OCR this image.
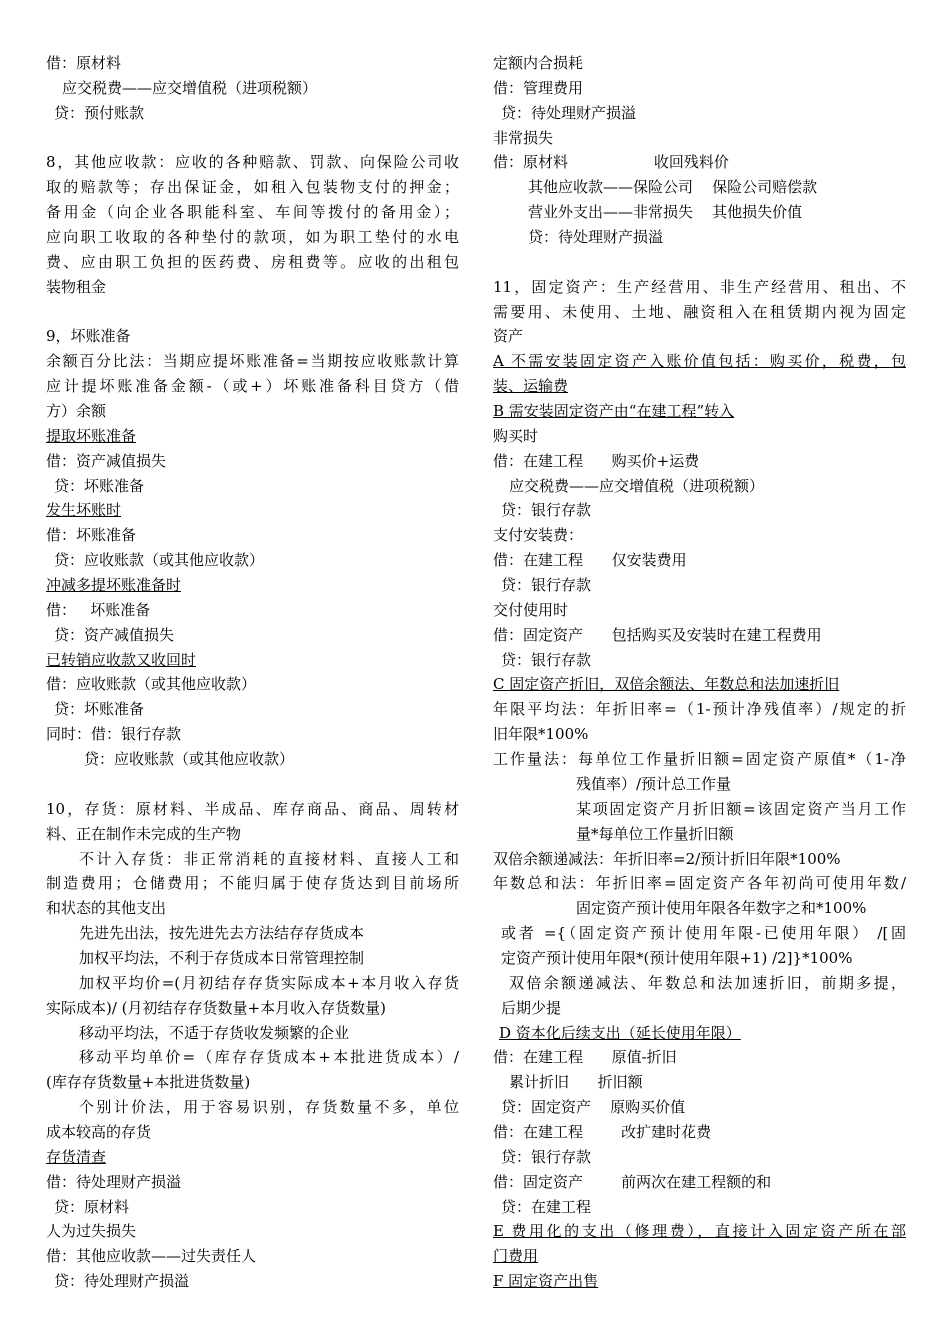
借：原材料
应交税费——应交增值税（进项税额）
贷：预付账款
8，其他应收款：应收的各种赔款、罚款、向保险公司收
取的赔款等；存出保证金，如租入包装物支付的押金；
备用金（向企业各职能科室、车间等拨付的备用金）；
应向职工收取的各种垫付的款项，如为职工垫付的水电
费、应由职工负担的医药费、房租费等。应收的出租包
装物租金
9，坏账准备
余额百分比法：当期应提坏账准备=当期按应收账款计算
应计提坏账准备金额-（或+）坏账准备科目贷方（借
方）余额
提取坏账准备
借：资产减值损失
贷：坏账准备
发生坏账时
借：坏账准备
贷：应收账款（或其他应收款）
冲减多提坏账准备时
借：   坏账准备
贷：资产减值损失
已转销应收款又收回时
借：应收账款（或其他应收款）
贷：坏账准备
同时：借：银行存款
贷：应收账款（或其他应收款）
10，存货：原材料、半成品、库存商品、商品、周转材
料、正在制作未完成的生产物
不计入存货：非正常消耗的直接材料、直接人工和
制造费用；仓储费用；不能归属于使存货达到目前场所
和状态的其他支出
先进先出法，按先进先去方法结存存货成本
加权平均法，不利于存货成本日常管理控制
加权平均价=(月初结存存货实际成本+本月收入存货
实际成本)/ (月初结存存货数量+本月收入存货数量)
移动平均法，不适于存货收发频繁的企业
移动平均单价=（库存存货成本+本批进货成本）/
(库存存货数量+本批进货数量)
个别计价法，用于容易识别，存货数量不多，单位
成本较高的存货
存货清查
借：待处理财产损溢
贷：原材料
人为过失损失
借：其他应收款——过失责任人
贷：待处理财产损溢
定额内合损耗
借：管理费用
贷：待处理财产损溢
非常损失
借：原材料                  收回残料价
其他应收款——保险公司    保险公司赔偿款
营业外支出——非常损失    其他损失价值
贷：待处理财产损溢
11，固定资产：生产经营用、非生产经营用、租出、不
需要用、未使用、土地、融资租入在租赁期内视为固定
资产
A 不需安装固定资产入账价值包括：购买价，税费，包
装、运输费
B 需安装固定资产由“在建工程”转入
购买时
借：在建工程      购买价+运费
应交税费——应交增值税（进项税额）
贷：银行存款
支付安装费：
借：在建工程      仅安装费用
贷：银行存款
交付使用时
借：固定资产      包括购买及安装时在建工程费用
贷：银行存款
C 固定资产折旧，双倍余额法、年数总和法加速折旧
年限平均法：年折旧率=（1-预计净残值率）/规定的折
旧年限*100%
工作量法：每单位工作量折旧额=固定资产原值*（1-净
残值率）/预计总工作量
某项固定资产月折旧额=该固定资产当月工作
量*每单位工作量折旧额
双倍余额递减法：年折旧率=2/预计折旧年限*100%
年数总和法：年折旧率=固定资产各年初尚可使用年数/
固定资产预计使用年限各年数字之和*100%
或者 ={（固定资产预计使用年限-已使用年限） /[固
定资产预计使用年限*(预计使用年限+1) /2]}*100%
双倍余额递减法、年数总和法加速折旧，前期多提，
后期少提
D 资本化后续支出（延长使用年限）
借：在建工程      原值-折旧
累计折旧      折旧额
贷：固定资产    原购买价值
借：在建工程        改扩建时花费
贷：银行存款
借：固定资产        前两次在建工程额的和
贷：在建工程
E 费用化的支出（修理费），直接计入固定资产所在部
门费用
F 固定资产出售
